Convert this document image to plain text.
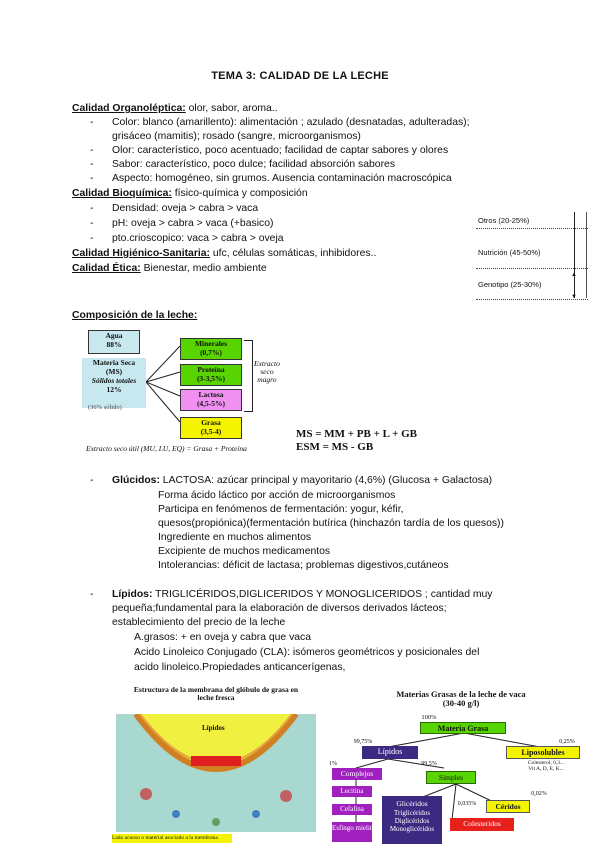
TEMA 3: CALIDAD DE LA LECHE
Calidad Organoléptica: olor, sabor, aroma..
- Color: blanco (amarillento): alimentación ; azulado (desnatadas, adulteradas);
grisáceo (mamitis); rosado (sangre, microorganismos)
- Olor: característico, poco acentuado; facilidad de captar sabores y olores
- Sabor: característico, poco dulce; facilidad absorción sabores
- Aspecto: homogéneo, sin grumos. Ausencia contaminación macroscópica
Calidad Bioquímica: físico-química y composición
- Densidad: oveja > cabra > vaca
- pH: oveja > cabra > vaca (+basico)
- pto.crioscopico: vaca > cabra > oveja
Calidad Higiénico-Sanitaria: ufc, células somáticas, inhibidores..
Calidad Ética: Bienestar, medio ambiente
Otros (20-25%)
Nutrición (45-50%)
Genotipo (25-30%)
▼
▲
Composición de la leche:
Agua
88%
Materia Seca
(MS)
Sólidos totales
12%
(36% sólido)
Minerales
(0,7%)
Proteína
(3-3,5%)
Lactosa
(4,5-5%)
Grasa
(3,5-4)
Extracto
seco
magro
Extracto seco útil (MU, LU, EQ) = Grasa + Proteína
MS = MM + PB + L + GB
ESM = MS - GB
- Glúcidos: LACTOSA: azúcar principal y mayoritario (4,6%) (Glucosa + Galactosa)
Forma ácido láctico por acción de microorganismos
Participa en fenómenos de fermentación: yogur, kéfir,
quesos(propiónica)(fermentación butírica (hinchazón tardía de los quesos))
Ingrediente en muchos alimentos
Excipiente de muchos medicamentos
Intolerancias: déficit de lactasa; problemas digestivos,cutáneos
- Lípidos: TRIGLICÉRIDOS,DIGLICERIDOS Y MONOGLICERIDOS ; cantidad muy
pequeña;fundamental para la elaboración de diversos derivados lácteos;
establecimiento del precio de la leche
A.grasos: + en oveja y cabra que vaca
Acido Linoleico Conjugado (CLA): isómeros geométricos y posicionales del
acido linoleico.Propiedades anticancerígenas,
Estructura de la membrana del glóbulo de grasa en
leche fresca
Lípidos
Lado acuoso o material asociado a la membrana
Materias Grasas de la leche de vaca
(30-40 g/l)
100%
Materia Grasa
99,75%	0,25%
Lípidos	Liposolubles
Colesterol, 0,3...
Vit A, D, E, K...
1%	99,5%
Complejos	Simples
Lecitina
Cefalina
Esfingo mielina
Glicéridos
Triglicéridos
Diglicéridos
Monoglicéridos
0,035%
0,02%
Céridos
Colesteridos
